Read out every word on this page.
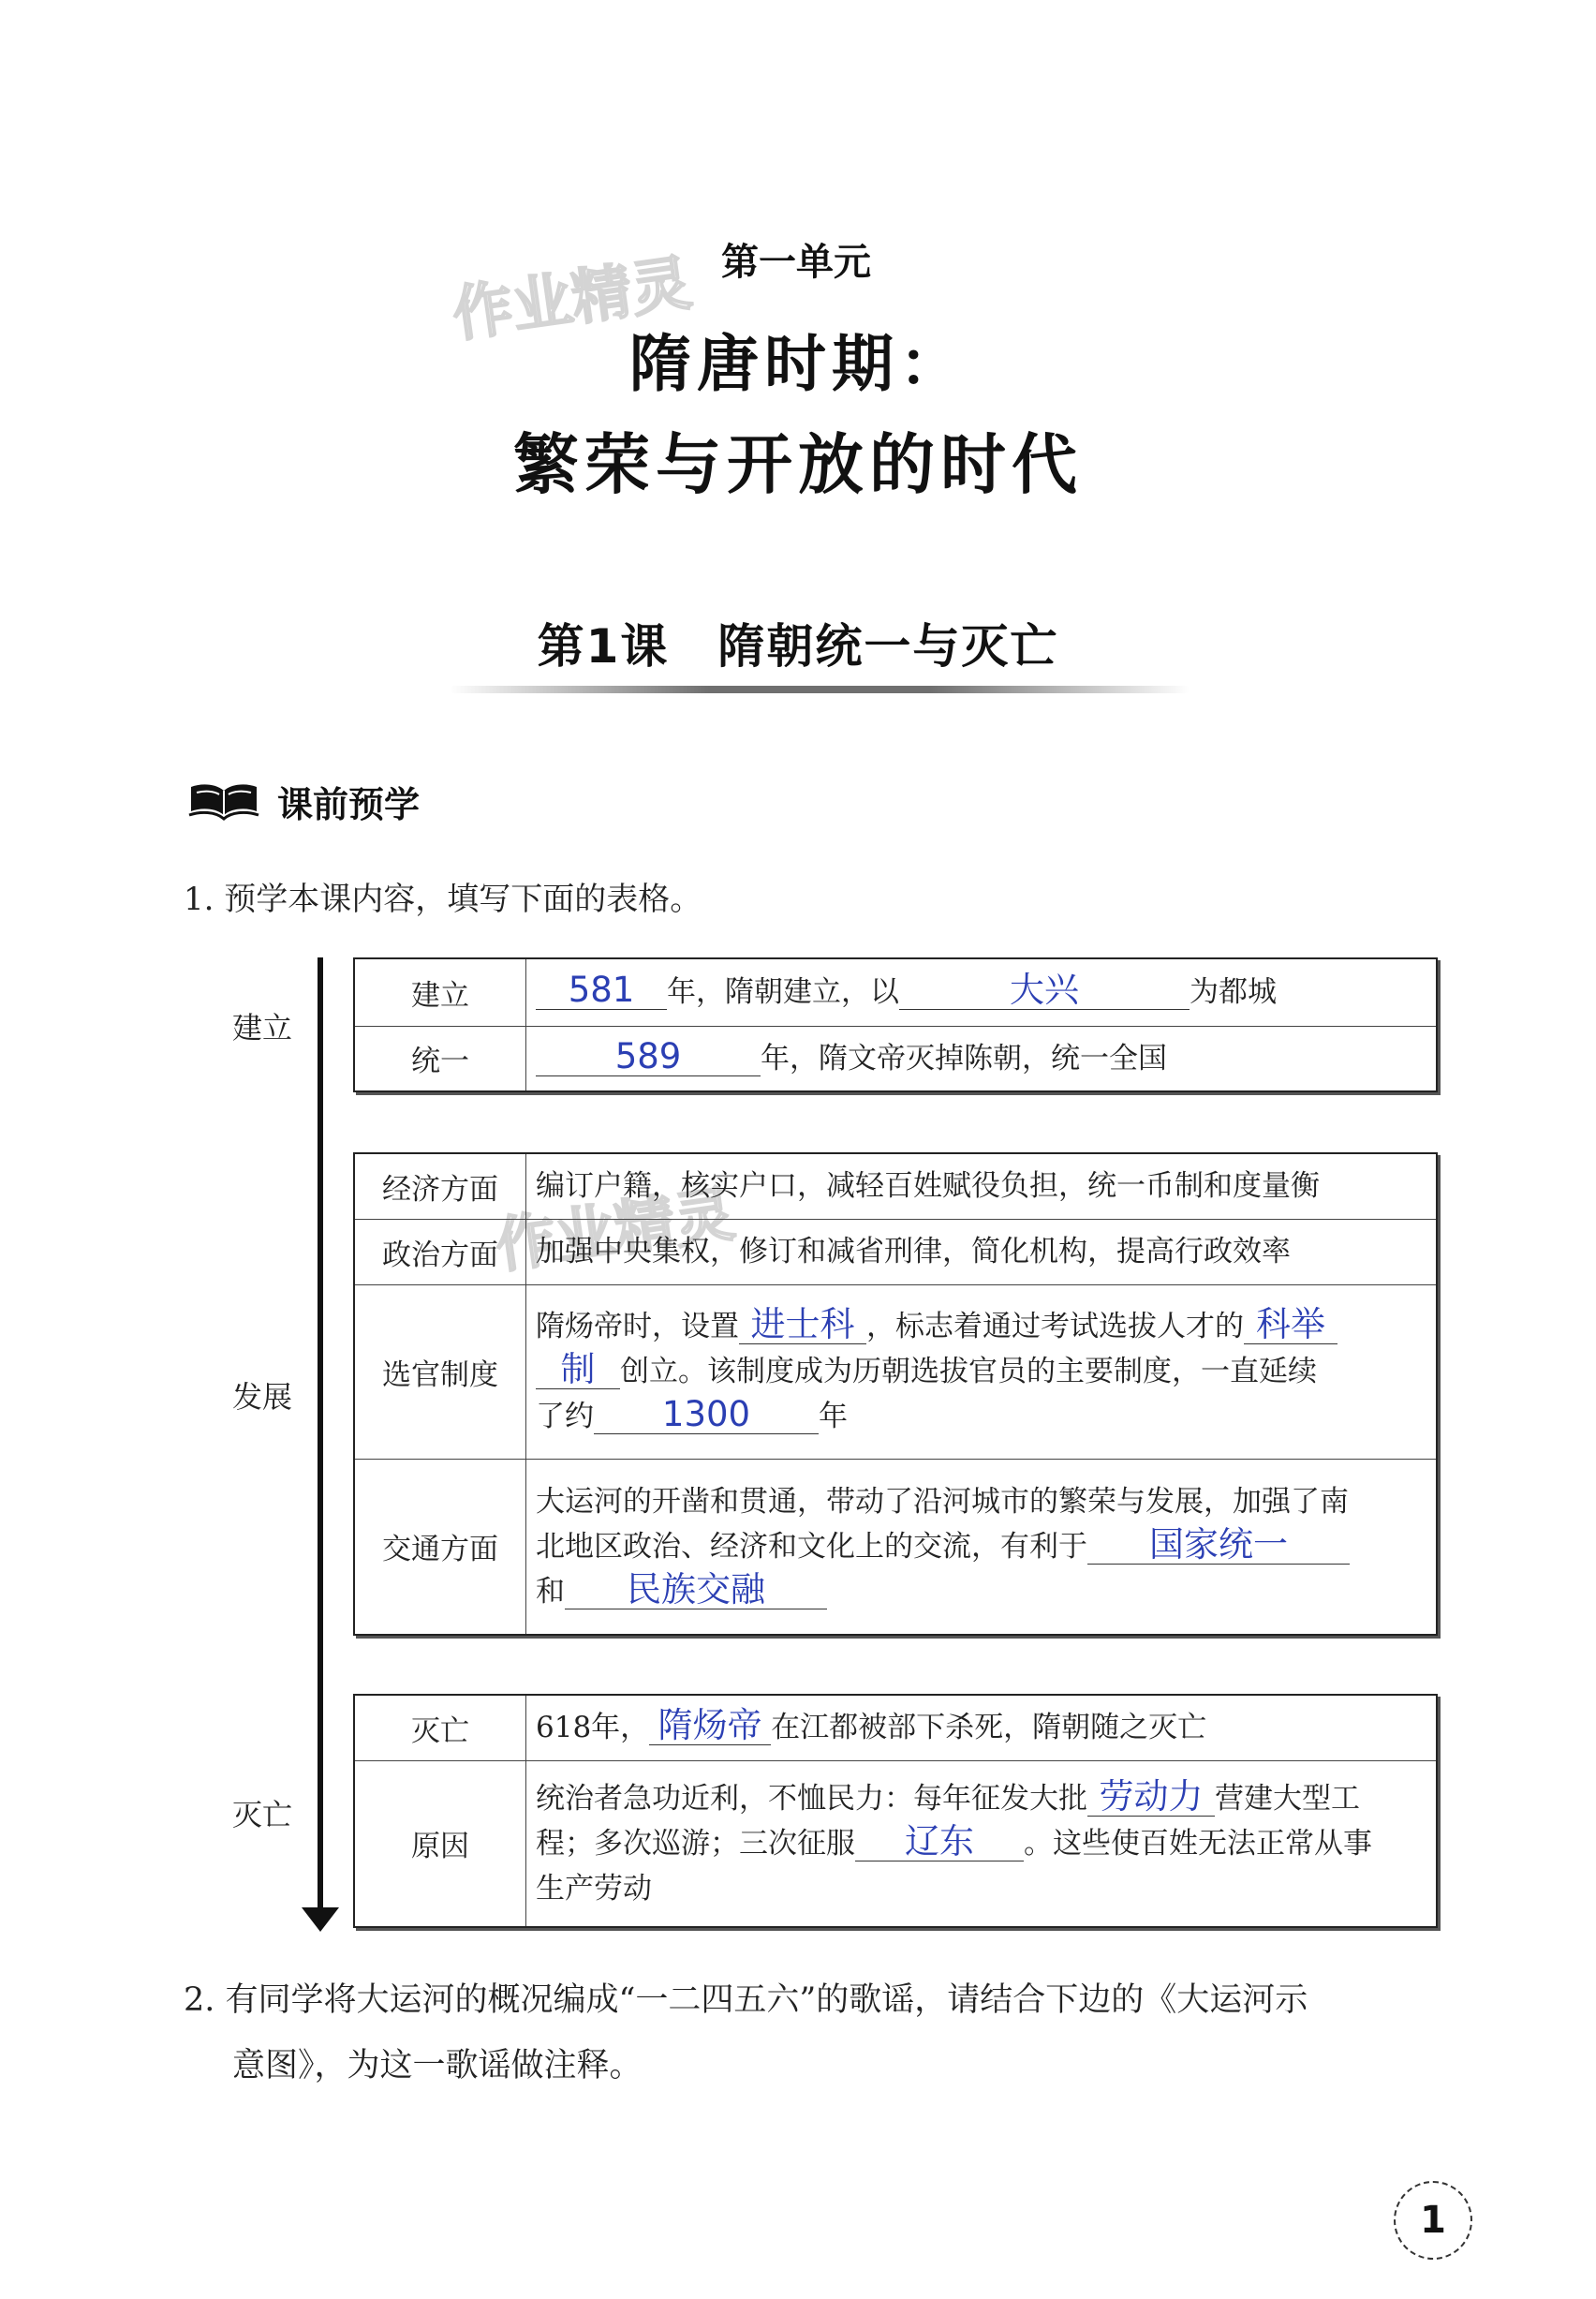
作业精灵
作业精灵
第一单元
隋唐时期：
繁荣与开放的时代
第1课　隋朝统一与灭亡
课前预学
1. 预学本课内容，填写下面的表格。
建立
发展
灭亡
建立	581 年，隋朝建立，以 大兴 为都城
统一	589 年，隋文帝灭掉陈朝，统一全国
经济方面	编订户籍，核实户口，减轻百姓赋役负担，统一币制和度量衡
政治方面	加强中央集权，修订和减省刑律，简化机构，提高行政效率
选官制度	隋炀帝时，设置 进士科 ，标志着通过考试选拔人才的 科举
制 创立。该制度成为历朝选拔官员的主要制度，一直延续
了约 1300 年
交通方面	大运河的开凿和贯通，带动了沿河城市的繁荣与发展，加强了南
北地区政治、经济和文化上的交流，有利于 国家统一
和 民族交融
灭亡	618年， 隋炀帝 在江都被部下杀死，隋朝随之灭亡
原因	统治者急功近利，不恤民力：每年征发大批 劳动力 营建大型工
程；多次巡游；三次征服 辽东 。这些使百姓无法正常从事
生产劳动
2. 有同学将大运河的概况编成“一二四五六”的歌谣，请结合下边的《大运河示
意图》，为这一歌谣做注释。
1
